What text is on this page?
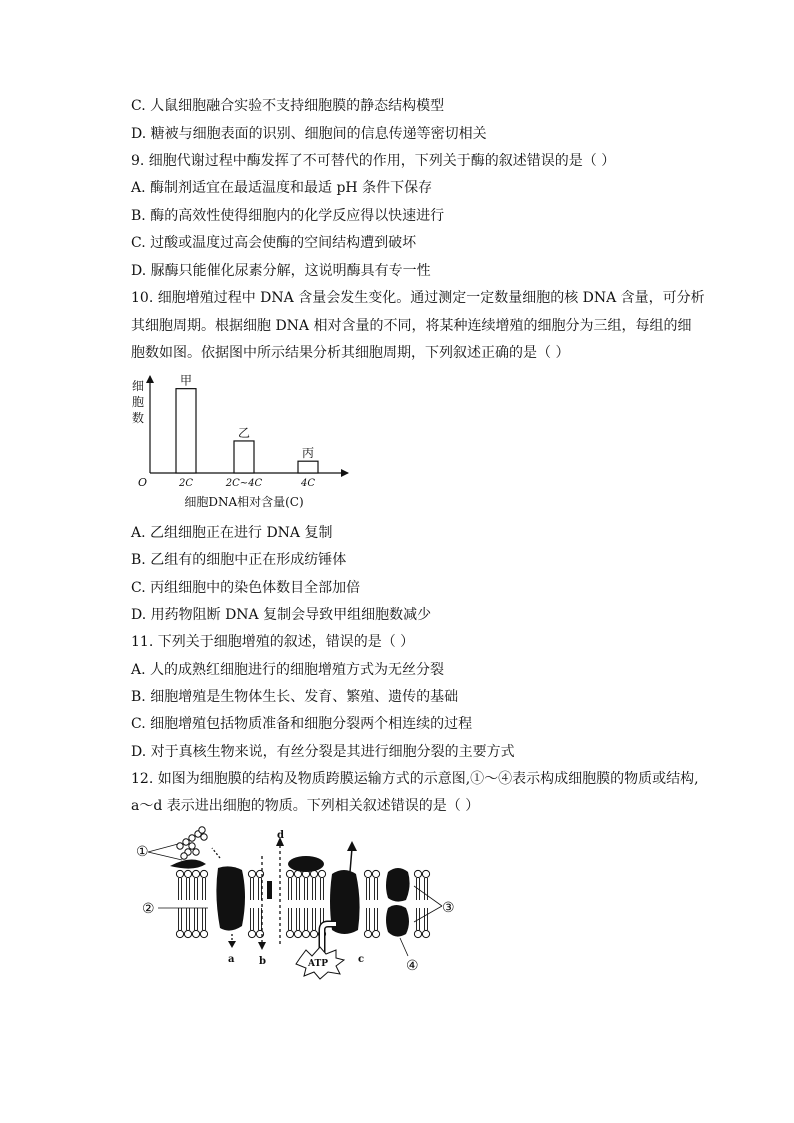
C. 人鼠细胞融合实验不支持细胞膜的静态结构模型
D. 糖被与细胞表面的识别、细胞间的信息传递等密切相关
9. 细胞代谢过程中酶发挥了不可替代的作用，下列关于酶的叙述错误的是（ ）
A. 酶制剂适宜在最适温度和最适 pH 条件下保存
B. 酶的高效性使得细胞内的化学反应得以快速进行
C. 过酸或温度过高会使酶的空间结构遭到破坏
D. 脲酶只能催化尿素分解，这说明酶具有专一性
10. 细胞增殖过程中 DNA 含量会发生变化。通过测定一定数量细胞的核 DNA 含量，可分析
其细胞周期。根据细胞 DNA 相对含量的不同，将某种连续增殖的细胞分为三组，每组的细
胞数如图。依据图中所示结果分析其细胞周期，下列叙述正确的是（ ）
甲
2C
乙
2C~4C
丙
4C
O
细
胞
数
细胞DNA相对含量(C)
A. 乙组细胞正在进行 DNA 复制
B. 乙组有的细胞中正在形成纺锤体
C. 丙组细胞中的染色体数目全部加倍
D. 用药物阻断 DNA 复制会导致甲组细胞数减少
11. 下列关于细胞增殖的叙述，错误的是（ ）
A. 人的成熟红细胞进行的细胞增殖方式为无丝分裂
B. 细胞增殖是生物体生长、发育、繁殖、遗传的基础
C. 细胞增殖包括物质准备和细胞分裂两个相连续的过程
D. 对于真核生物来说，有丝分裂是其进行细胞分裂的主要方式
12. 如图为细胞膜的结构及物质跨膜运输方式的示意图,①～④表示构成细胞膜的物质或结构,
a～d 表示进出细胞的物质。下列相关叙述错误的是（ ）
①
②	③
④
a b	c
d
ATP
